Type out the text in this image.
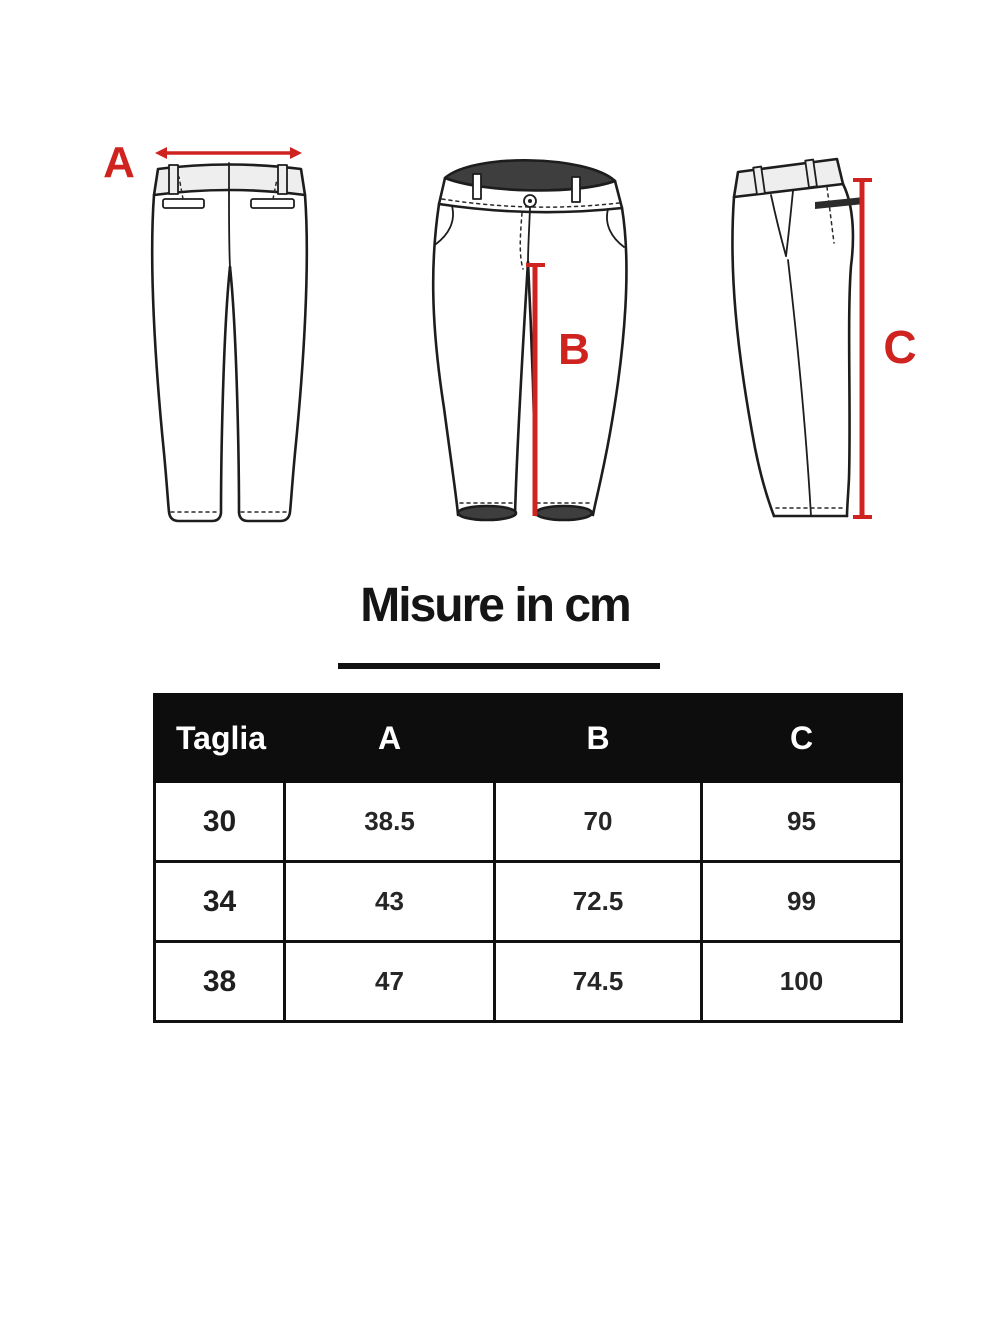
A
B	C
Misure in cm
Taglia	A	B	C
30	38.5	70	95
34	43	72.5	99
38	47	74.5	100
